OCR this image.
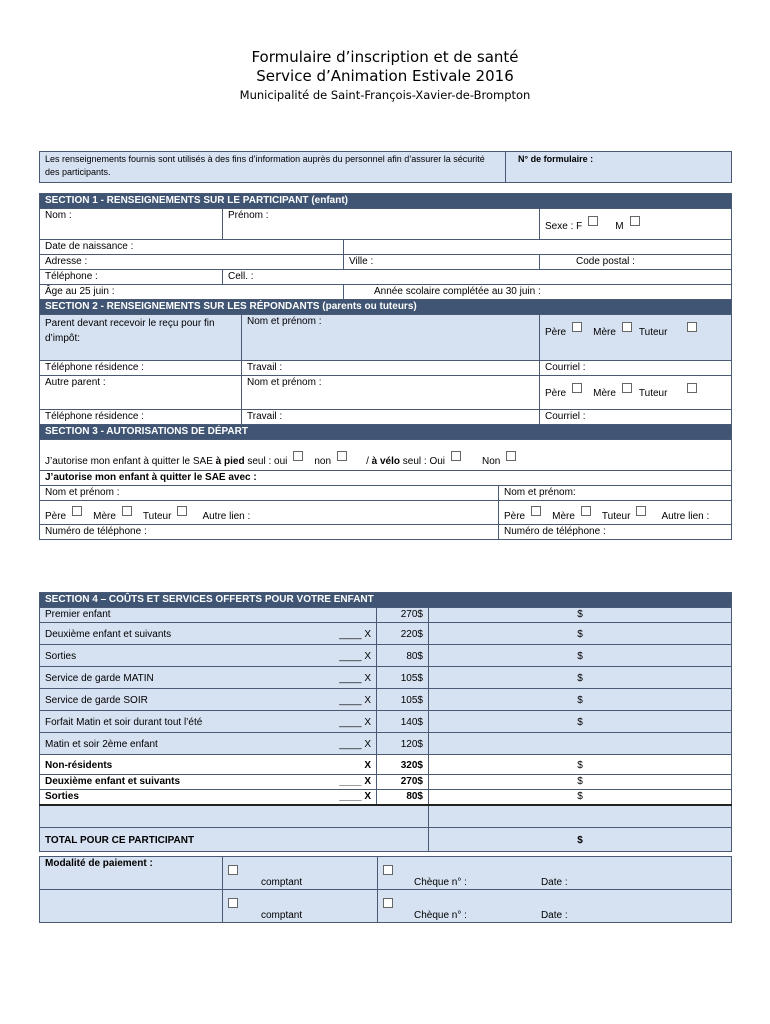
Formulaire d’inscription et de santé
Service d’Animation Estivale 2016
Municipalité de Saint-François-Xavier-de-Brompton
Les renseignements fournis sont utilisés à des fins d’information auprès du personnel afin d’assurer la sécurité des participants.	N° de formulaire :
SECTION 1 - RENSEIGNEMENTS SUR LE PARTICIPANT (enfant)					
Nom :	Prénom :				Sexe : F M
Date de naissance :					
Adresse :			Ville :		Code postal :
Téléphone :	Cell. :				
Âge au 25 juin :			Année scolaire complétée au 30 juin :		
SECTION 2 - RENSEIGNEMENTS SUR LES RÉPONDANTS (parents ou tuteurs)					
Parent devant recevoir le reçu pour fin d’impôt:		Nom et prénom :			Père Mère Tuteur
Téléphone résidence :		Travail :			Courriel :
Autre parent :		Nom et prénom :			Père Mère Tuteur
Téléphone résidence :		Travail :			Courriel :
SECTION 3 - AUTORISATIONS DE DÉPART					
J’autorise mon enfant à quitter le SAE à pied seul : oui non / à vélo seul : Oui Non					
J’autorise mon enfant à quitter le SAE avec :					
Nom et prénom :				Nom et prénom:	
Père Mère Tuteur Autre lien :				Père Mère Tuteur Autre lien :	
Numéro de téléphone :				Numéro de téléphone :	
SECTION 4 – COÛTS ET SERVICES OFFERTS POUR VOTRE ENFANT			
Premier enfant		270$	$
Deuxième enfant et suivants	____ X	220$	$
Sorties	____ X	80$	$
Service de garde MATIN	____ X	105$	$
Service de garde SOIR	____ X	105$	$
Forfait Matin et soir durant tout l’été	____ X	140$	$
Matin et soir 2ème enfant	____ X	120$	
Non-résidents	X	320$	$
Deuxième enfant et suivants	____ X	270$	$
Sorties	____ X	80$	$

TOTAL POUR CE PARTICIPANT			$
Modalité de paiement :	comptant	Chèque n° : Date :
	comptant	Chèque n° : Date :
